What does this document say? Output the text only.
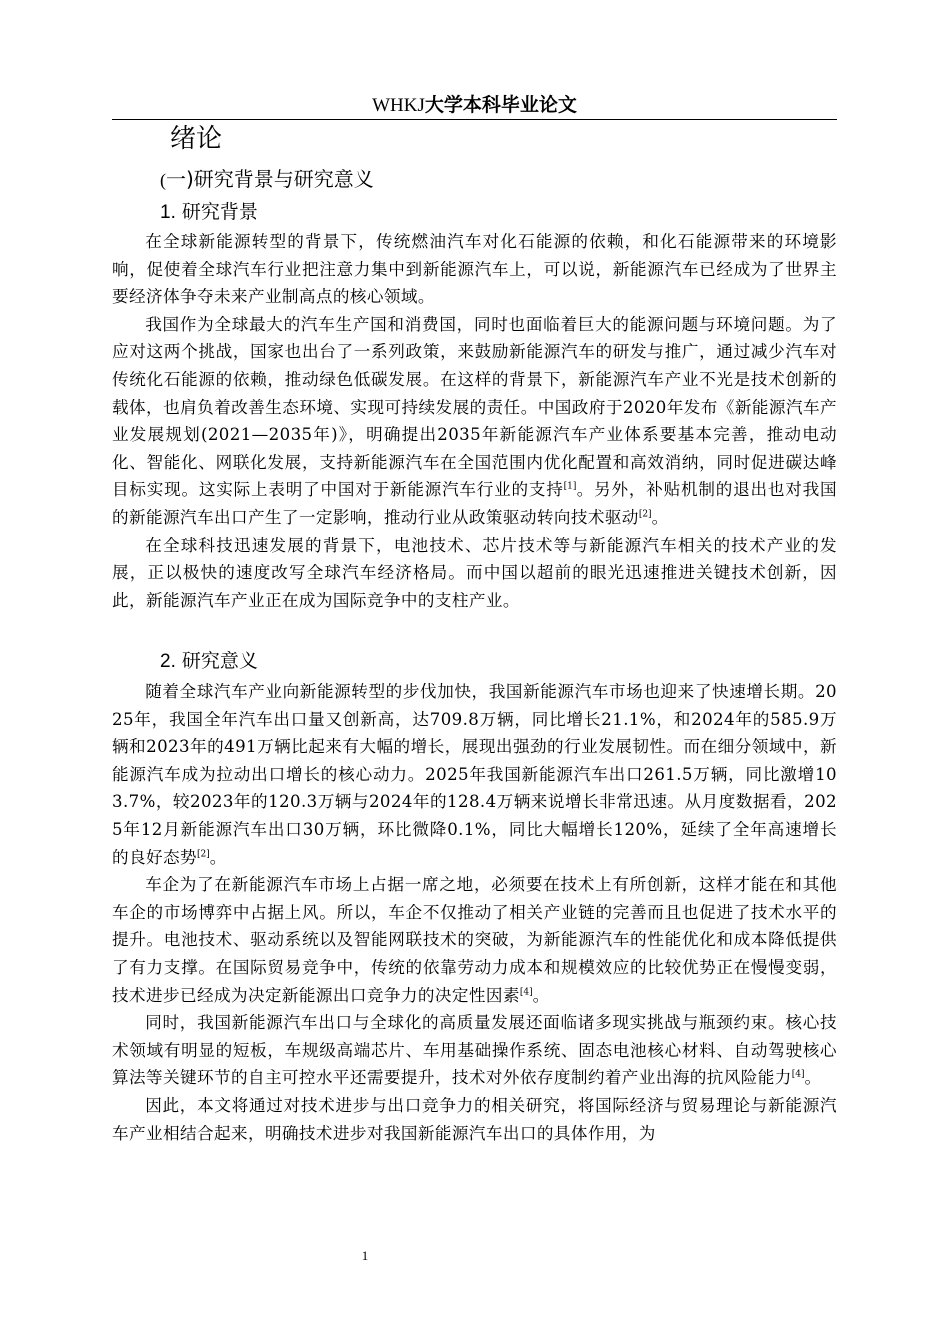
WHKJ大学本科毕业论文
绪论
(一)研究背景与研究意义
1. 研究背景

在全球新能源转型的背景下，传统燃油汽车对化石能源的依赖，和化石能源带来的环境影响，促使着全球汽车行业把注意力集中到新能源汽车上，可以说，新能源汽车已经成为了世界主要经济体争夺未来产业制高点的核心领域。

我国作为全球最大的汽车生产国和消费国，同时也面临着巨大的能源问题与环境问题。为了应对这两个挑战，国家也出台了一系列政策，来鼓励新能源汽车的研发与推广，通过减少汽车对传统化石能源的依赖，推动绿色低碳发展。在这样的背景下，新能源汽车产业不光是技术创新的载体，也肩负着改善生态环境、实现可持续发展的责任。中国政府于2020年发布《新能源汽车产业发展规划(2021—2035年)》，明确提出2035年新能源汽车产业体系要基本完善，推动电动化、智能化、网联化发展，支持新能源汽车在全国范围内优化配置和高效消纳，同时促进碳达峰目标实现。这实际上表明了中国对于新能源汽车行业的支持[1]。另外，补贴机制的退出也对我国的新能源汽车出口产生了一定影响，推动行业从政策驱动转向技术驱动[2]。

在全球科技迅速发展的背景下，电池技术、芯片技术等与新能源汽车相关的技术产业的发展，正以极快的速度改写全球汽车经济格局。而中国以超前的眼光迅速推进关键技术创新，因此，新能源汽车产业正在成为国际竞争中的支柱产业。

2. 研究意义

随着全球汽车产业向新能源转型的步伐加快，我国新能源汽车市场也迎来了快速增长期。2025年，我国全年汽车出口量又创新高，达709.8万辆，同比增长21.1%，和2024年的585.9万辆和2023年的491万辆比起来有大幅的增长，展现出强劲的行业发展韧性。而在细分领域中，新能源汽车成为拉动出口增长的核心动力。2025年我国新能源汽车出口261.5万辆，同比激增103.7%，较2023年的120.3万辆与2024年的128.4万辆来说增长非常迅速。从月度数据看，2025年12月新能源汽车出口30万辆，环比微降0.1%，同比大幅增长120%，延续了全年高速增长的良好态势[2]。

车企为了在新能源汽车市场上占据一席之地，必须要在技术上有所创新，这样才能在和其他车企的市场博弈中占据上风。所以，车企不仅推动了相关产业链的完善而且也促进了技术水平的提升。电池技术、驱动系统以及智能网联技术的突破，为新能源汽车的性能优化和成本降低提供了有力支撑。在国际贸易竞争中，传统的依靠劳动力成本和规模效应的比较优势正在慢慢变弱，技术进步已经成为决定新能源出口竞争力的决定性因素[4]。

同时，我国新能源汽车出口与全球化的高质量发展还面临诸多现实挑战与瓶颈约束。核心技术领域有明显的短板，车规级高端芯片、车用基础操作系统、固态电池核心材料、自动驾驶核心算法等关键环节的自主可控水平还需要提升，技术对外依存度制约着产业出海的抗风险能力[4]。

因此，本文将通过对技术进步与出口竞争力的相关研究，将国际经济与贸易理论与新能源汽车产业相结合起来，明确技术进步对我国新能源汽车出口的具体作用，为

1
